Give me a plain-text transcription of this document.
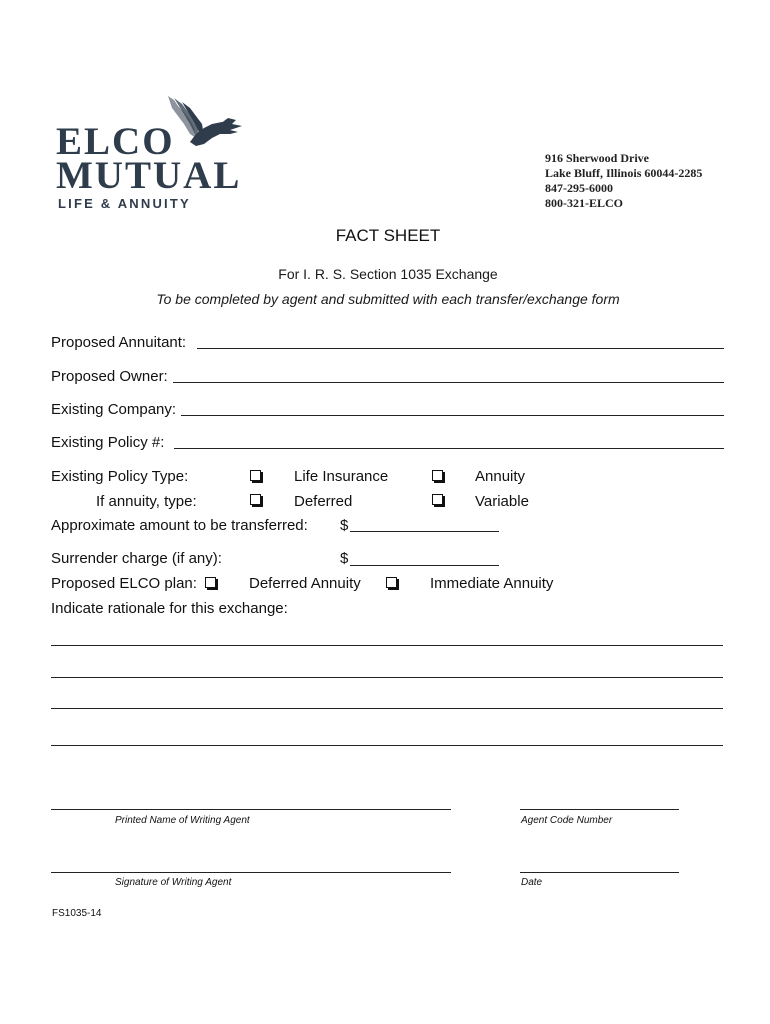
ELCO
MUTUAL
LIFE & ANNUITY
916 Sherwood Drive
Lake Bluff, Illinois 60044-2285
847-295-6000
800-321-ELCO
FACT SHEET
For I. R. S. Section 1035 Exchange
To be completed by agent and submitted with each transfer/exchange form
Proposed Annuitant:
Proposed Owner:
Existing Company:
Existing Policy #:
Existing Policy Type:	Life Insurance	Annuity
If annuity, type:	Deferred	Variable
Approximate amount to be transferred: $
Surrender charge (if any):	$
Proposed ELCO plan:	Deferred Annuity	Immediate Annuity
Indicate rationale for this exchange:
Printed Name of Writing Agent	Agent Code Number
Signature of Writing Agent	Date
FS1035-14
